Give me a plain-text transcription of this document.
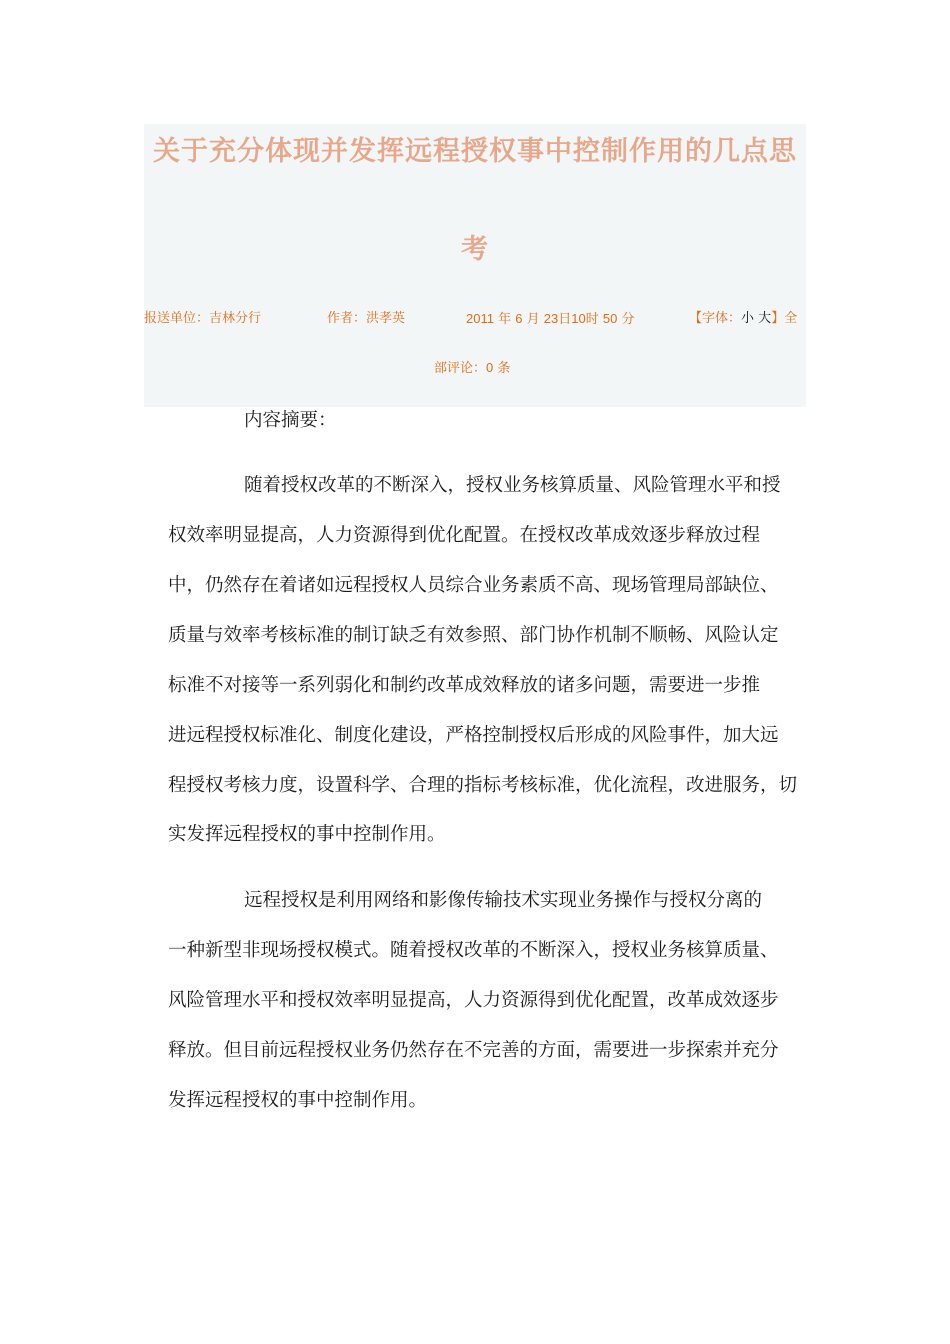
关于充分体现并发挥远程授权事中控制作用的几点思
考
报送单位：吉林分行	作者：洪孝英	2011 年 6 月 23日10时 50 分	【字体：小 大】全
部评论：0 条
内容摘要：
随着授权改革的不断深入，授权业务核算质量、风险管理水平和授
权效率明显提高，人力资源得到优化配置。在授权改革成效逐步释放过程
中，仍然存在着诸如远程授权人员综合业务素质不高、现场管理局部缺位、
质量与效率考核标准的制订缺乏有效参照、部门协作机制不顺畅、风险认定
标准不对接等一系列弱化和制约改革成效释放的诸多问题，需要进一步推
进远程授权标准化、制度化建设，严格控制授权后形成的风险事件，加大远
程授权考核力度，设置科学、合理的指标考核标准，优化流程，改进服务，切
实发挥远程授权的事中控制作用。
远程授权是利用网络和影像传输技术实现业务操作与授权分离的
一种新型非现场授权模式。随着授权改革的不断深入，授权业务核算质量、
风险管理水平和授权效率明显提高，人力资源得到优化配置，改革成效逐步
释放。但目前远程授权业务仍然存在不完善的方面，需要进一步探索并充分
发挥远程授权的事中控制作用。
